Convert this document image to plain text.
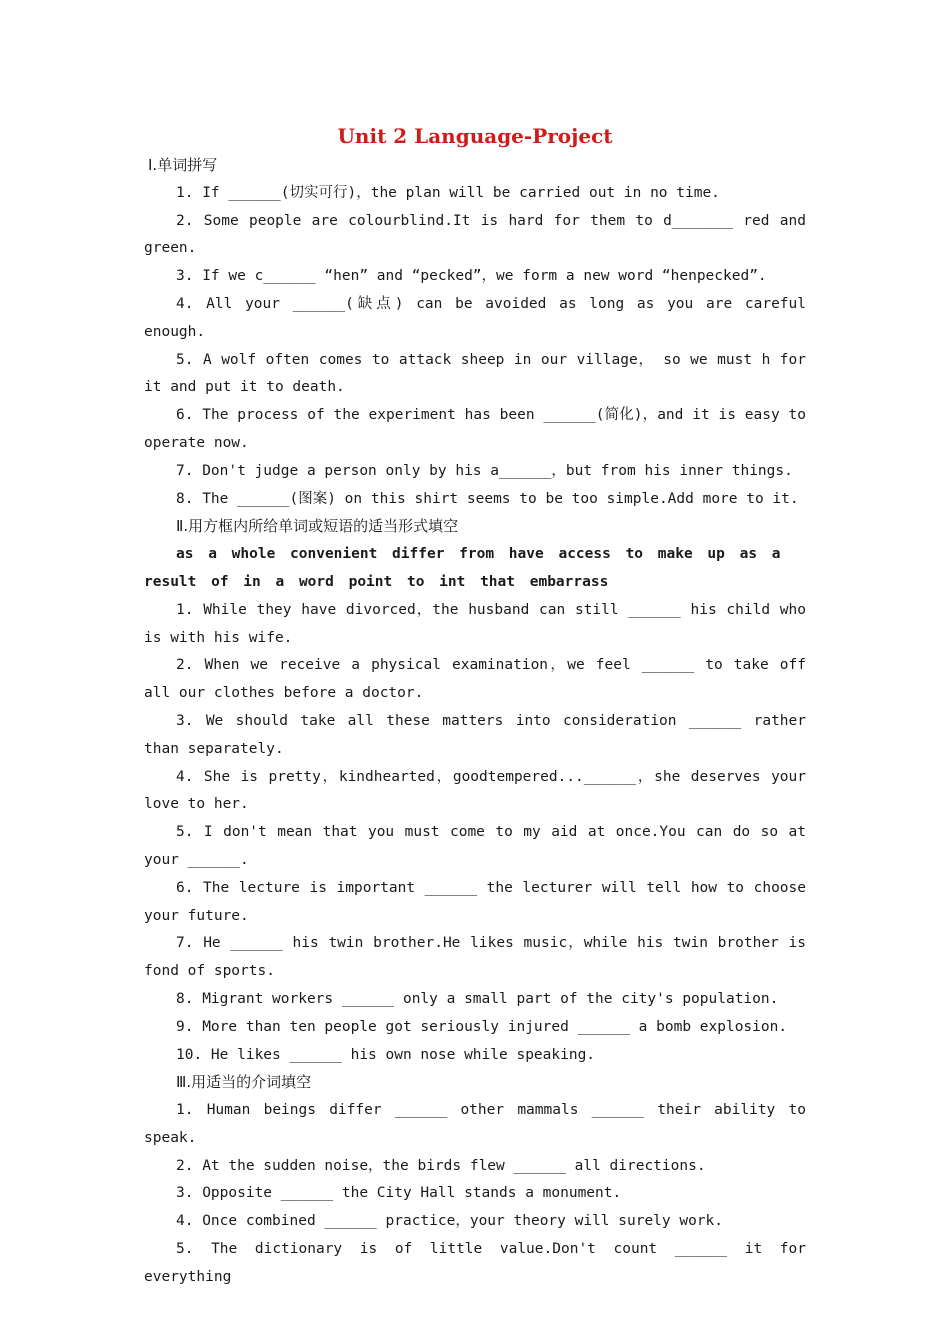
Unit 2 Language-Project
Ⅰ.单词拼写
1. If ______(切实可行)，the plan will be carried out in no time.
2. Some people are colourblind.It is hard for them to d_______ red and green.
3. If we c______ “hen” and “pecked”，we form a new word “henpecked”.
4. All your ______(缺点) can be avoided as long as you are careful enough.
5. A wolf often comes to attack sheep in our village， so we must h for it and put it to death.
6. The process of the experiment has been ______(简化)，and it is easy to operate now.
7. Don't judge a person only by his a______，but from his inner things.
8. The ______(图案) on this shirt seems to be too simple.Add more to it.
Ⅱ.用方框内所给单词或短语的适当形式填空
as a whole convenient differ from have access to make up as a result of in a word point to int that embarrass
1. While they have divorced，the husband can still ______ his child who is with his wife.
2. When we receive a physical examination，we feel ______ to take off all our clothes before a doctor.
3. We should take all these matters into consideration ______ rather than separately.
4. She is pretty，kindhearted，goodtempered...______，she deserves your love to her.
5. I don't mean that you must come to my aid at once.You can do so at your ______.
6. The lecture is important ______ the lecturer will tell how to choose your future.
7. He ______ his twin brother.He likes music，while his twin brother is fond of sports.
8. Migrant workers ______ only a small part of the city's population.
9. More than ten people got seriously injured ______ a bomb explosion.
10. He likes ______ his own nose while speaking.
Ⅲ.用适当的介词填空
1. Human beings differ ______ other mammals ______ their ability to speak.
2. At the sudden noise，the birds flew ______ all directions.
3. Opposite ______ the City Hall stands a monument.
4. Once combined ______ practice，your theory will surely work.
5. The dictionary is of little value.Don't count ______ it for everything
